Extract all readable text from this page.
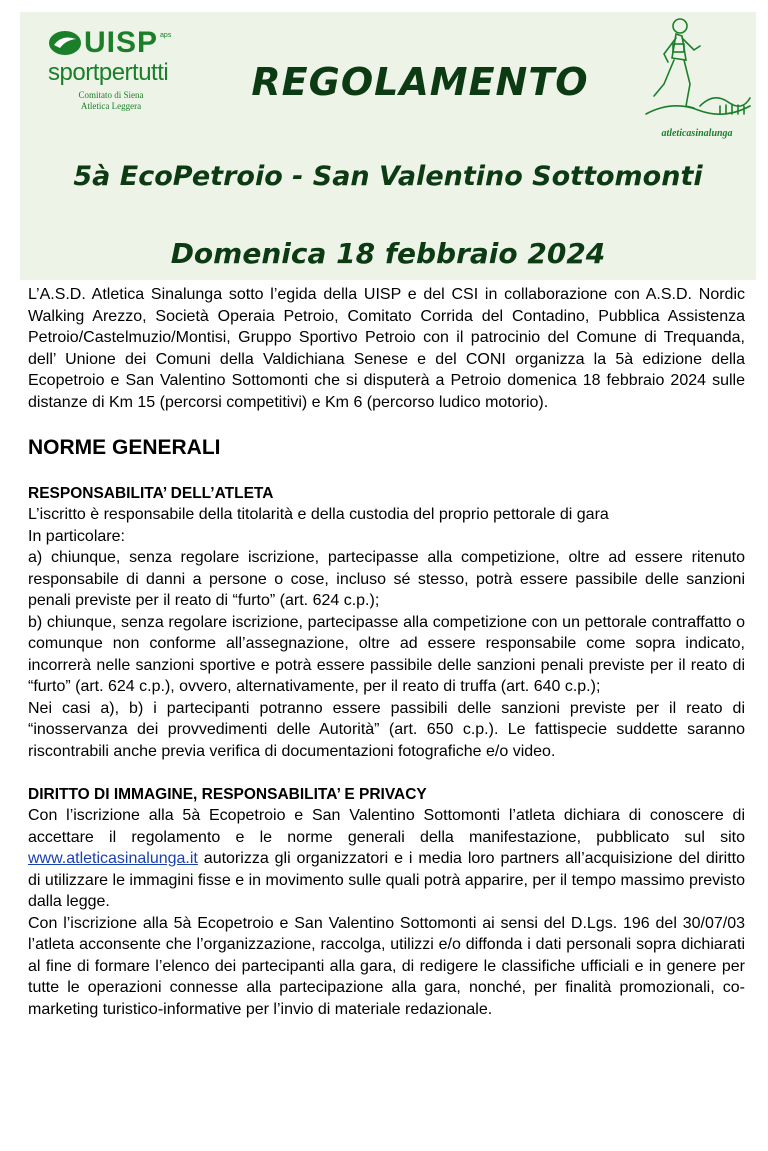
UISP aps
sportpertutti
Comitato di Siena
Atletica Leggera
REGOLAMENTO
atleticasinalunga
5à EcoPetroio - San Valentino Sottomonti
Domenica 18 febbraio 2024

L’A.S.D. Atletica Sinalunga sotto l’egida della UISP e del CSI in collaborazione con A.S.D. Nordic Walking Arezzo, Società Operaia Petroio, Comitato Corrida del Contadino, Pubblica Assistenza Petroio/Castelmuzio/Montisi, Gruppo Sportivo Petroio con il patrocinio del Comune di Trequanda, dell’ Unione dei Comuni della Valdichiana Senese e del CONI organizza la 5à edizione della Ecopetroio e San Valentino Sottomonti che si disputerà a Petroio domenica 18 febbraio 2024 sulle distanze di Km 15 (percorsi competitivi) e Km 6 (percorso ludico motorio).

NORME GENERALI
RESPONSABILITA’ DELL’ATLETA

L’iscritto è responsabile della titolarità e della custodia del proprio pettorale di gara

In particolare:

a) chiunque, senza regolare iscrizione, partecipasse alla competizione, oltre ad essere ritenuto responsabile di danni a persone o cose, incluso sé stesso, potrà essere passibile delle sanzioni penali previste per il reato di “furto” (art. 624 c.p.);

b) chiunque, senza regolare iscrizione, partecipasse alla competizione con un pettorale contraffatto o comunque non conforme all’assegnazione, oltre ad essere responsabile come sopra indicato, incorrerà nelle sanzioni sportive e potrà essere passibile delle sanzioni penali previste per il reato di “furto” (art. 624 c.p.), ovvero, alternativamente, per il reato di truffa (art. 640 c.p.);

Nei casi a), b) i partecipanti potranno essere passibili delle sanzioni previste per il reato di “inosservanza dei provvedimenti delle Autorità” (art. 650 c.p.). Le fattispecie suddette saranno riscontrabili anche previa verifica di documentazioni fotografiche e/o video.

DIRITTO DI IMMAGINE, RESPONSABILITA’ E PRIVACY

Con l’iscrizione alla 5à Ecopetroio e San Valentino Sottomonti l’atleta dichiara di conoscere di accettare il regolamento e le norme generali della manifestazione, pubblicato sul sito www.atleticasinalunga.it autorizza gli organizzatori e i media loro partners all’acquisizione del diritto di utilizzare le immagini fisse e in movimento sulle quali potrà apparire, per il tempo massimo previsto dalla legge.

Con l’iscrizione alla 5à Ecopetroio e San Valentino Sottomonti ai sensi del D.Lgs. 196 del 30/07/03 l’atleta acconsente che l’organizzazione, raccolga, utilizzi e/o diffonda i dati personali sopra dichiarati al fine di formare l’elenco dei partecipanti alla gara, di redigere le classifiche ufficiali e in genere per tutte le operazioni connesse alla partecipazione alla gara, nonché, per finalità promozionali, co-marketing turistico-informative per l’invio di materiale redazionale.
